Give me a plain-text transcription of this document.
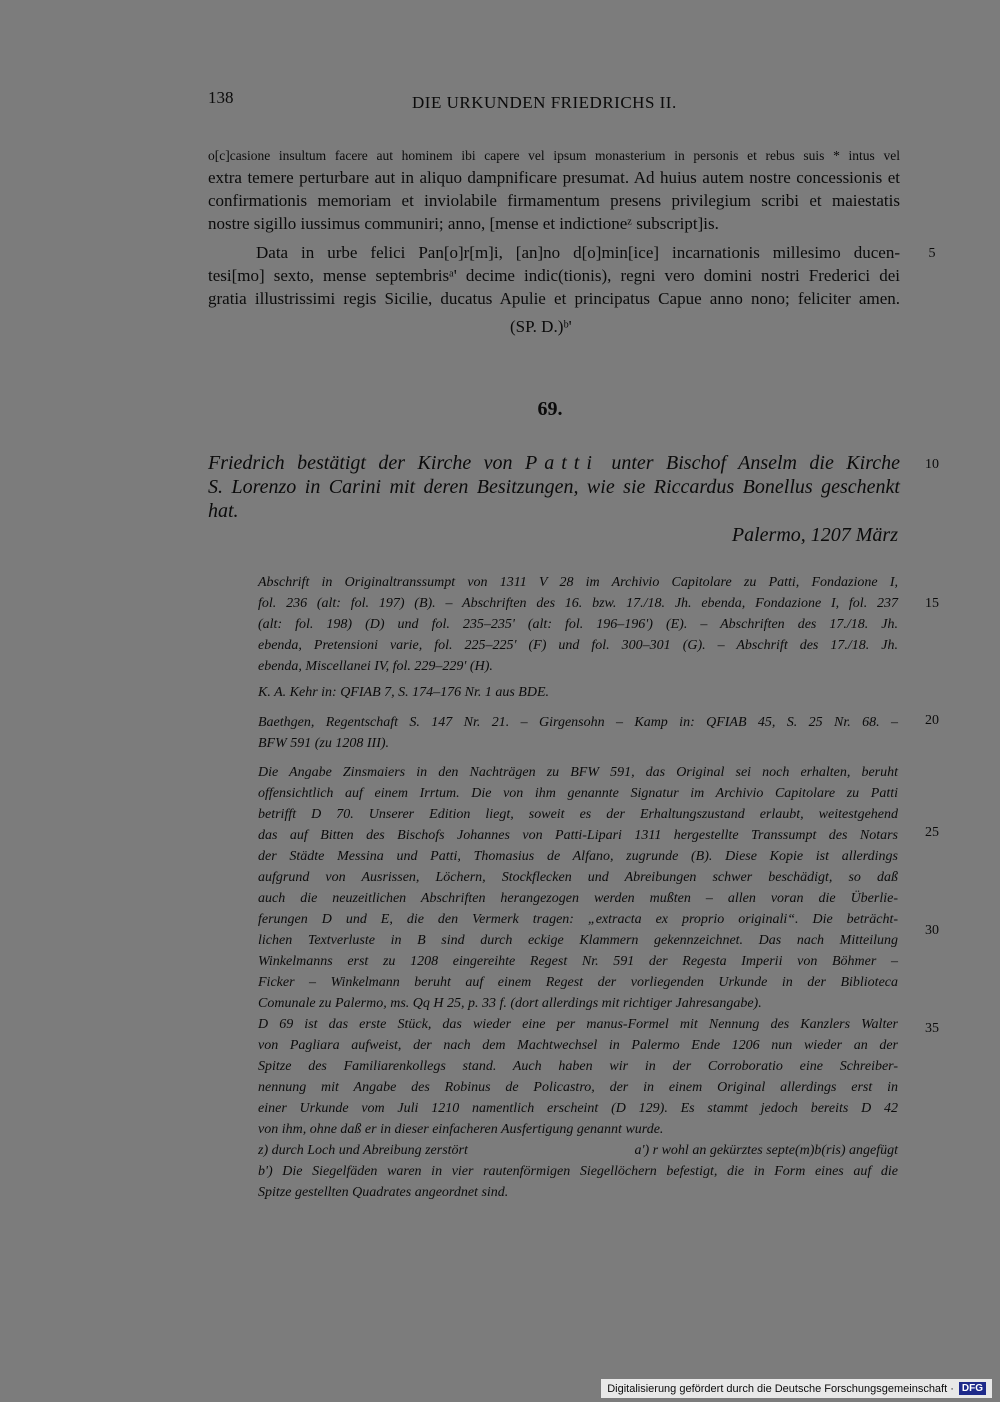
138	DIE URKUNDEN FRIEDRICHS II.
o[c]casione insultum facere aut hominem ibi capere vel ipsum monasterium in personis et rebus suis * intus vel
extra temere perturbare aut in aliquo dampnificare presumat. Ad huius autem nostre concessionis et
confirmationis memoriam et inviolabile firmamentum presens privilegium scribi et maiestatis
nostre sigillo iussimus communiri; anno, [mense et indictioneᶻ subscript]is.
Data in urbe felici Pan[o]r[m]i, [an]no d[o]min[ice] incarnationis millesimo ducen-
tesi[mo] sexto, mense septembrisᵃ' decime indic(tionis), regni vero domini nostri Frederici dei
gratia illustrissimi regis Sicilie, ducatus Apulie et principatus Capue anno nono; feliciter amen.
(SP. D.)ᵇ'
69.
Friedrich bestätigt der Kirche von Patti unter Bischof Anselm die Kirche
S. Lorenzo in Carini mit deren Besitzungen, wie sie Riccardus Bonellus geschenkt
hat.
Palermo, 1207 März
Abschrift in Originaltranssumpt von 1311 V 28 im Archivio Capitolare zu Patti, Fondazione I,
fol. 236 (alt: fol. 197) (B). – Abschriften des 16. bzw. 17./18. Jh. ebenda, Fondazione I, fol. 237
(alt: fol. 198) (D) und fol. 235–235' (alt: fol. 196–196') (E). – Abschriften des 17./18. Jh.
ebenda, Pretensioni varie, fol. 225–225' (F) und fol. 300–301 (G). – Abschrift des 17./18. Jh.
ebenda, Miscellanei IV, fol. 229–229' (H).
K. A. Kehr in: QFIAB 7, S. 174–176 Nr. 1 aus BDE.
Baethgen, Regentschaft S. 147 Nr. 21. – Girgensohn – Kamp in: QFIAB 45, S. 25 Nr. 68. –
BFW 591 (zu 1208 III).
Die Angabe Zinsmaiers in den Nachträgen zu BFW 591, das Original sei noch erhalten, beruht
offensichtlich auf einem Irrtum. Die von ihm genannte Signatur im Archivio Capitolare zu Patti
betrifft D 70. Unserer Edition liegt, soweit es der Erhaltungszustand erlaubt, weitestgehend
das auf Bitten des Bischofs Johannes von Patti-Lipari 1311 hergestellte Transsumpt des Notars
der Städte Messina und Patti, Thomasius de Alfano, zugrunde (B). Diese Kopie ist allerdings
aufgrund von Ausrissen, Löchern, Stockflecken und Abreibungen schwer beschädigt, so daß
auch die neuzeitlichen Abschriften herangezogen werden mußten – allen voran die Überlie-
ferungen D und E, die den Vermerk tragen: „extracta ex proprio originali“. Die beträcht-
lichen Textverluste in B sind durch eckige Klammern gekennzeichnet. Das nach Mitteilung
Winkelmanns erst zu 1208 eingereihte Regest Nr. 591 der Regesta Imperii von Böhmer –
Ficker – Winkelmann beruht auf einem Regest der vorliegenden Urkunde in der Biblioteca
Comunale zu Palermo, ms. Qq H 25, p. 33 f. (dort allerdings mit richtiger Jahresangabe).
D 69 ist das erste Stück, das wieder eine per manus-Formel mit Nennung des Kanzlers Walter
von Pagliara aufweist, der nach dem Machtwechsel in Palermo Ende 1206 nun wieder an der
Spitze des Familiarenkollegs stand. Auch haben wir in der Corroboratio eine Schreiber-
nennung mit Angabe des Robinus de Policastro, der in einem Original allerdings erst in
einer Urkunde vom Juli 1210 namentlich erscheint (D 129). Es stammt jedoch bereits D 42
von ihm, ohne daß er in dieser einfacheren Ausfertigung genannt wurde.
z) durch Loch und Abreibung zerstört	a') r wohl an gekürztes septe(m)b(ris) angefügt
b') Die Siegelfäden waren in vier rautenförmigen Siegellöchern befestigt, die in Form eines auf die
Spitze gestellten Quadrates angeordnet sind.
5
10
15
20
25
30
35
Digitalisierung gefördert durch die Deutsche Forschungsgemeinschaft · DFG
